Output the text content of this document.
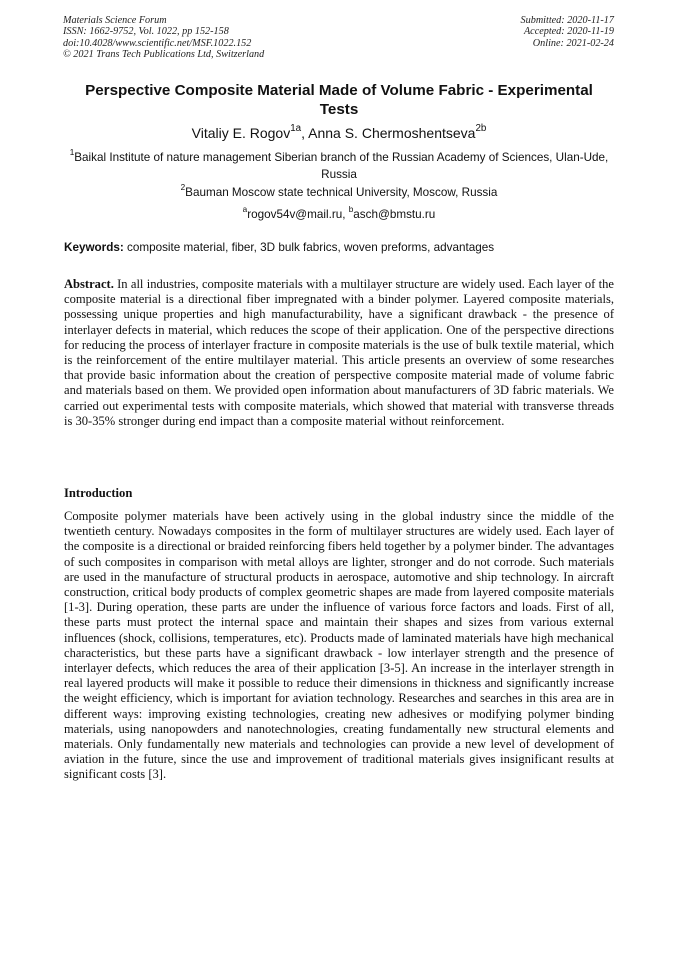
Materials Science Forum
ISSN: 1662-9752, Vol. 1022, pp 152-158
doi:10.4028/www.scientific.net/MSF.1022.152
© 2021 Trans Tech Publications Ltd, Switzerland
Submitted: 2020-11-17
Accepted: 2020-11-19
Online: 2021-02-24
Perspective Composite Material Made of Volume Fabric - Experimental Tests
Vitaliy E. Rogov$^{1a}$, Anna S. Chermoshentseva$^{2b}$
$^1$Baikal Institute of nature management Siberian branch of the Russian Academy of Sciences, Ulan-Ude, Russia
$^2$Bauman Moscow state technical University, Moscow, Russia
$^a$rogov54v@mail.ru, $^b$asch@bmstu.ru
Keywords: composite material, fiber, 3D bulk fabrics, woven preforms, advantages

Abstract. In all industries, composite materials with a multilayer structure are widely used. Each layer of the composite material is a directional fiber impregnated with a binder polymer. Layered composite materials, possessing unique properties and high manufacturability, have a significant drawback - the presence of interlayer defects in material, which reduces the scope of their application. One of the perspective directions for reducing the process of interlayer fracture in composite materials is the use of bulk textile material, which is the reinforcement of the entire multilayer material. This article presents an overview of some researches that provide basic information about the creation of perspective composite material made of volume fabric and materials based on them. We provided open information about manufacturers of 3D fabric materials. We carried out experimental tests with composite materials, which showed that material with transverse threads is 30-35% stronger during end impact than a composite material without reinforcement.

Introduction

Composite polymer materials have been actively using in the global industry since the middle of the twentieth century. Nowadays composites in the form of multilayer structures are widely used. Each layer of the composite is a directional or braided reinforcing fibers held together by a polymer binder. The advantages of such composites in comparison with metal alloys are lighter, stronger and do not corrode. Such materials are used in the manufacture of structural products in aerospace, automotive and ship technology. In aircraft construction, critical body products of complex geometric shapes are made from layered composite materials [1-3]. During operation, these parts are under the influence of various force factors and loads. First of all, these parts must protect the internal space and maintain their shapes and sizes from various external influences (shock, collisions, temperatures, etc). Products made of laminated materials have high mechanical characteristics, but these parts have a significant drawback - low interlayer strength and the presence of interlayer defects, which reduces the area of their application [3-5]. An increase in the interlayer strength in real layered products will make it possible to reduce their dimensions in thickness and significantly increase the weight efficiency, which is important for aviation technology. Researches and searches in this area are in different ways: improving existing technologies, creating new adhesives or modifying polymer binding materials, using nanopowders and nanotechnologies, creating fundamentally new structural elements and materials. Only fundamentally new materials and technologies can provide a new level of development of aviation in the future, since the use and improvement of traditional materials gives insignificant results at significant costs [3].
